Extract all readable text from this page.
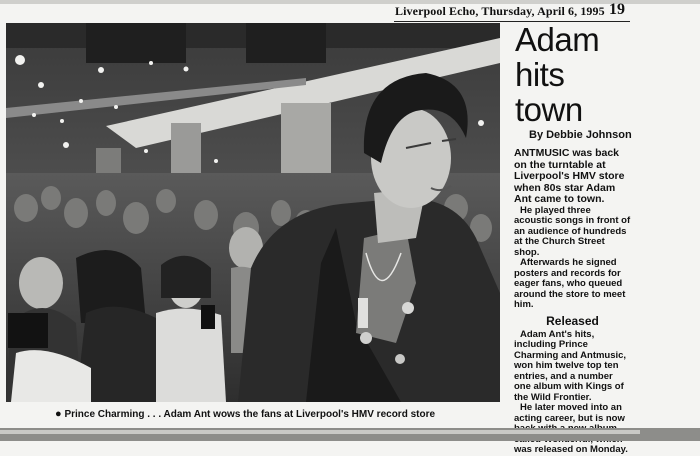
Liverpool Echo, Thursday, April 6, 1995 19
● Prince Charming . . . Adam Ant wows the fans at Liverpool's HMV record store
Adam
hits
town
By Debbie Johnson

ANTMUSIC was back on the turntable at Liverpool's HMV store when 80s star Adam Ant came to town.

He played three acoustic songs in front of an audience of hundreds at the Church Street shop.

Afterwards he signed posters and records for eager fans, who queued around the store to meet him.

Released

Adam Ant's hits, including Prince Charming and Antmusic, won him twelve top ten entries, and a number one album with Kings of the Wild Frontier.

He later moved into an acting career, but is now was released on Monday.
